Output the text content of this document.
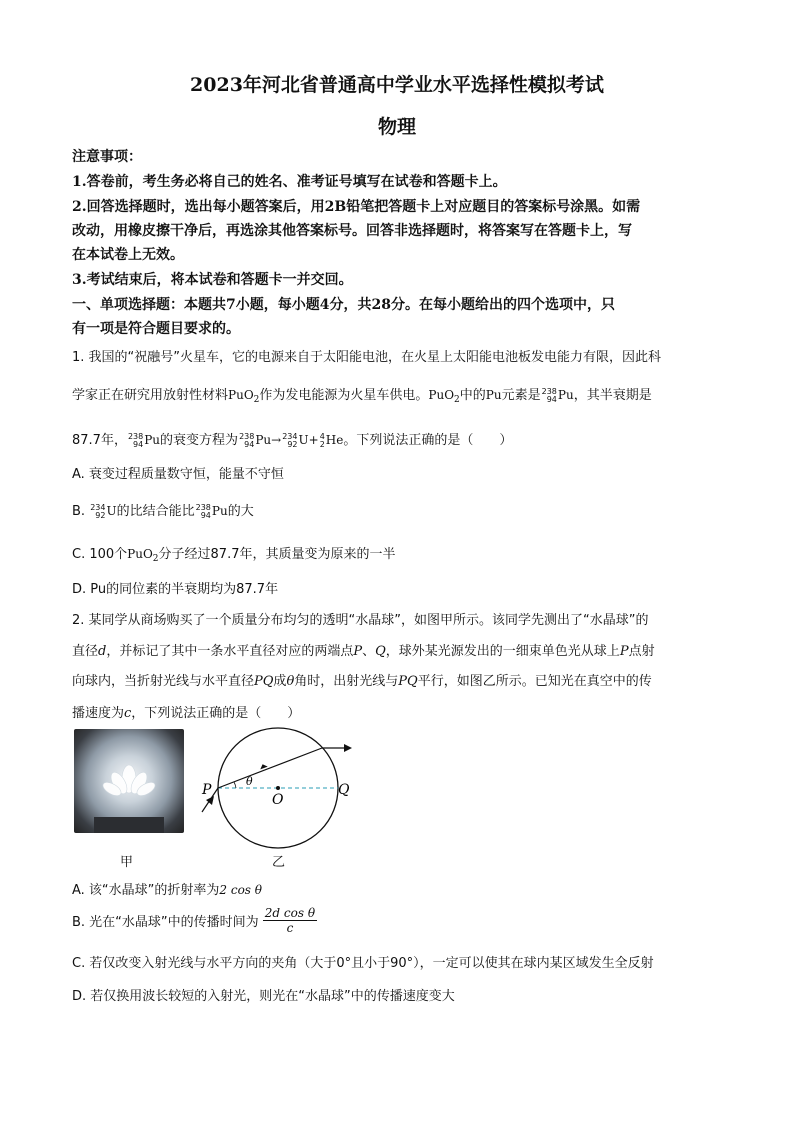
2023年河北省普通高中学业水平选择性模拟考试
物理
注意事项：
1.答卷前，考生务必将自己的姓名、准考证号填写在试卷和答题卡上。
2.回答选择题时，选出每小题答案后，用2B铅笔把答题卡上对应题目的答案标号涂黑。如需
改动，用橡皮擦干净后，再选涂其他答案标号。回答非选择题时，将答案写在答题卡上，写
在本试卷上无效。
3.考试结束后，将本试卷和答题卡一并交回。
一、单项选择题：本题共7小题，每小题4分，共28分。在每小题给出的四个选项中，只
有一项是符合题目要求的。
1. 我国的“祝融号”火星车，它的电源来自于太阳能电池，在火星上太阳能电池板发电能力有限，因此科
学家正在研究用放射性材料PuO$_2$作为发电能源为火星车供电。PuO$_2$中的Pu元素是 238
94 Pu，其半衰期是
87.7年， 238
94 Pu的衰变方程为 238
94 Pu→ 234
92 U+ 4
2 He。下列说法正确的是（　　）
A. 衰变过程质量数守恒，能量不守恒
B. 234
92 U的比结合能比 238
94 Pu的大
C. 100个PuO$_2$分子经过87.7年，其质量变为原来的一半
D. Pu的同位素的半衰期均为87.7年
2. 某同学从商场购买了一个质量分布均匀的透明“水晶球”，如图甲所示。该同学先测出了“水晶球”的
直径d，并标记了其中一条水平直径对应的两端点P、Q，球外某光源发出的一细束单色光从球上P点射
向球内，当折射光线与水平直径PQ成θ角时，出射光线与PQ平行，如图乙所示。已知光在真空中的传
播速度为c，下列说法正确的是（　　）
甲
θ
P
O
Q
乙
A. 该“水晶球”的折射率为2 cos θ
B. 光在“水晶球”中的传播时间为 $\frac{\text{2d cos θ}}{c}$
C. 若仅改变入射光线与水平方向的夹角（大于0°且小于90°），一定可以使其在球内某区域发生全反射
D. 若仅换用波长较短的入射光，则光在“水晶球”中的传播速度变大
